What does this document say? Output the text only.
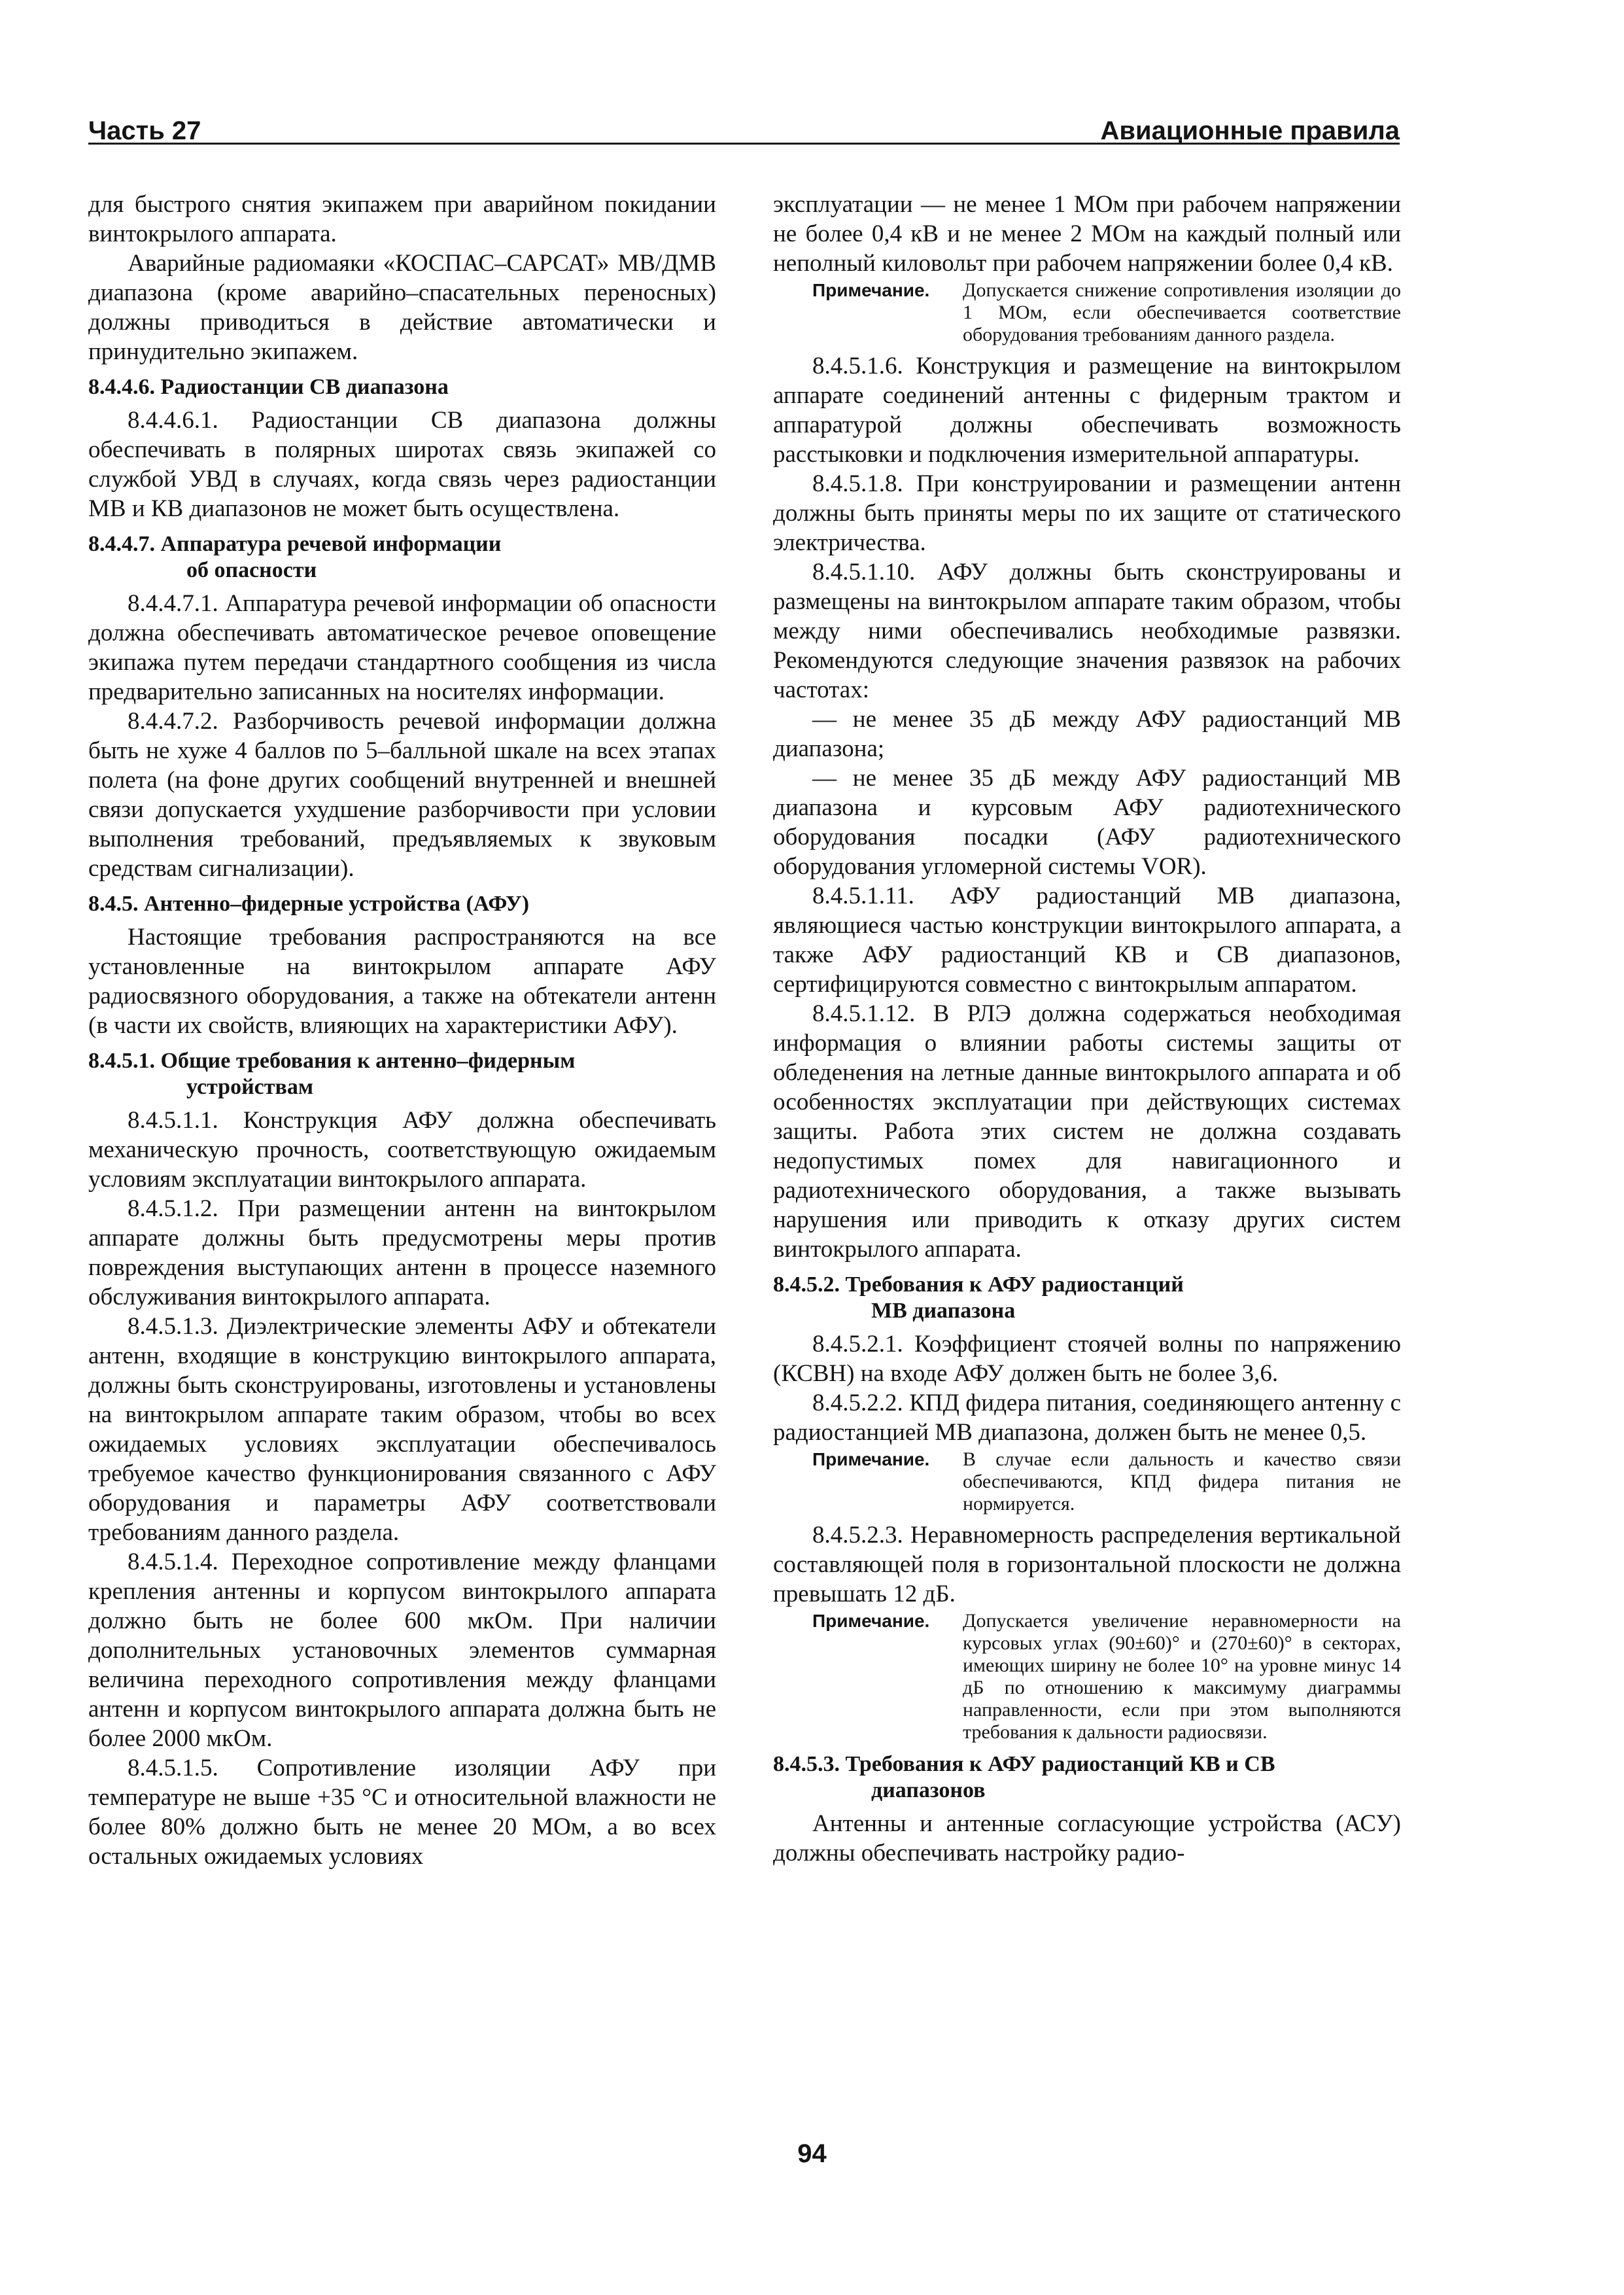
Часть 27	Авиационные правила

для быстрого снятия экипажем при аварийном покидании винтокрылого аппарата.

Аварийные радиомаяки «КОСПАС–САРСАТ» МВ/ДМВ диапазона (кроме аварийно–спасательных переносных) должны приводиться в действие автоматически и принудительно экипажем.

8.4.4.6. Радиостанции СВ диапазона

8.4.4.6.1. Радиостанции СВ диапазона должны обеспечивать в полярных широтах связь экипажей со службой УВД в случаях, когда связь через радиостанции МВ и КВ диапазонов не может быть осуществлена.

8.4.4.7. Аппаратура речевой информации
об опасности

8.4.4.7.1. Аппаратура речевой информации об опасности должна обеспечивать автоматическое речевое оповещение экипажа путем передачи стандартного сообщения из числа предварительно записанных на носителях информации.

8.4.4.7.2. Разборчивость речевой информации должна быть не хуже 4 баллов по 5–балльной шкале на всех этапах полета (на фоне других сообщений внутренней и внешней связи допускается ухудшение разборчивости при условии выполнения требований, предъявляемых к звуковым средствам сигнализации).

8.4.5. Антенно–фидерные устройства (АФУ)

Настоящие требования распространяются на все установленные на винтокрылом аппарате АФУ радиосвязного оборудования, а также на обтекатели антенн (в части их свойств, влияющих на характеристики АФУ).

8.4.5.1. Общие требования к антенно–фидерным
устройствам

8.4.5.1.1. Конструкция АФУ должна обеспечивать механическую прочность, соответствующую ожидаемым условиям эксплуатации винтокрылого аппарата.

8.4.5.1.2. При размещении антенн на винтокрылом аппарате должны быть предусмотрены меры против повреждения выступающих антенн в процессе наземного обслуживания винтокрылого аппарата.

8.4.5.1.3. Диэлектрические элементы АФУ и обтекатели антенн, входящие в конструкцию винтокрылого аппарата, должны быть сконструированы, изготовлены и установлены на винтокрылом аппарате таким образом, чтобы во всех ожидаемых условиях эксплуатации обеспечивалось требуемое качество функционирования связанного с АФУ оборудования и параметры АФУ соответствовали требованиям данного раздела.

8.4.5.1.4. Переходное сопротивление между фланцами крепления антенны и корпусом винтокрылого аппарата должно быть не более 600 мкОм. При наличии дополнительных установочных элементов суммарная величина переходного сопротивления между фланцами антенн и корпусом винтокрылого аппарата должна быть не более 2000 мкОм.

8.4.5.1.5. Сопротивление изоляции АФУ при температуре не выше +35 °С и относительной влажности не более 80% должно быть не менее 20 МОм, а во всех остальных ожидаемых условиях

эксплуатации — не менее 1 МОм при рабочем напряжении не более 0,4 кВ и не менее 2 МОм на каждый полный или неполный киловольт при рабочем напряжении более 0,4 кВ.

Примечание.	Допускается снижение сопротивления изоляции до 1 МОм, если обеспечивается соответствие оборудования требованиям данного раздела.

8.4.5.1.6. Конструкция и размещение на винтокрылом аппарате соединений антенны с фидерным трактом и аппаратурой должны обеспечивать возможность расстыковки и подключения измерительной аппаратуры.

8.4.5.1.8. При конструировании и размещении антенн должны быть приняты меры по их защите от статического электричества.

8.4.5.1.10. АФУ должны быть сконструированы и размещены на винтокрылом аппарате таким образом, чтобы между ними обеспечивались необходимые развязки. Рекомендуются следующие значения развязок на рабочих частотах:

— не менее 35 дБ между АФУ радиостанций МВ диапазона;

— не менее 35 дБ между АФУ радиостанций МВ диапазона и курсовым АФУ радиотехнического оборудования посадки (АФУ радиотехнического оборудования угломерной системы VOR).

8.4.5.1.11. АФУ радиостанций МВ диапазона, являющиеся частью конструкции винтокрылого аппарата, а также АФУ радиостанций КВ и СВ диапазонов, сертифицируются совместно с винтокрылым аппаратом.

8.4.5.1.12. В РЛЭ должна содержаться необходимая информация о влиянии работы системы защиты от обледенения на летные данные винтокрылого аппарата и об особенностях эксплуатации при действующих системах защиты. Работа этих систем не должна создавать недопустимых помех для навигационного и радиотехнического оборудования, а также вызывать нарушения или приводить к отказу других систем винтокрылого аппарата.

8.4.5.2. Требования к АФУ радиостанций
МВ диапазона

8.4.5.2.1. Коэффициент стоячей волны по напряжению (КСВН) на входе АФУ должен быть не более 3,6.

8.4.5.2.2. КПД фидера питания, соединяющего антенну с радиостанцией МВ диапазона, должен быть не менее 0,5.

Примечание.	В случае если дальность и качество связи обеспечиваются, КПД фидера питания не нормируется.

8.4.5.2.3. Неравномерность распределения вертикальной составляющей поля в горизонтальной плоскости не должна превышать 12 дБ.

Примечание.	Допускается увеличение неравномерности на курсовых углах (90±60)° и (270±60)° в секторах, имеющих ширину не более 10° на уровне минус 14 дБ по отношению к максимуму диаграммы направленности, если при этом выполняются требования к дальности радиосвязи.
8.4.5.3. Требования к АФУ радиостанций КВ и СВ
диапазонов

Антенны и антенные согласующие устройства (АСУ) должны обеспечивать настройку радио-

94
